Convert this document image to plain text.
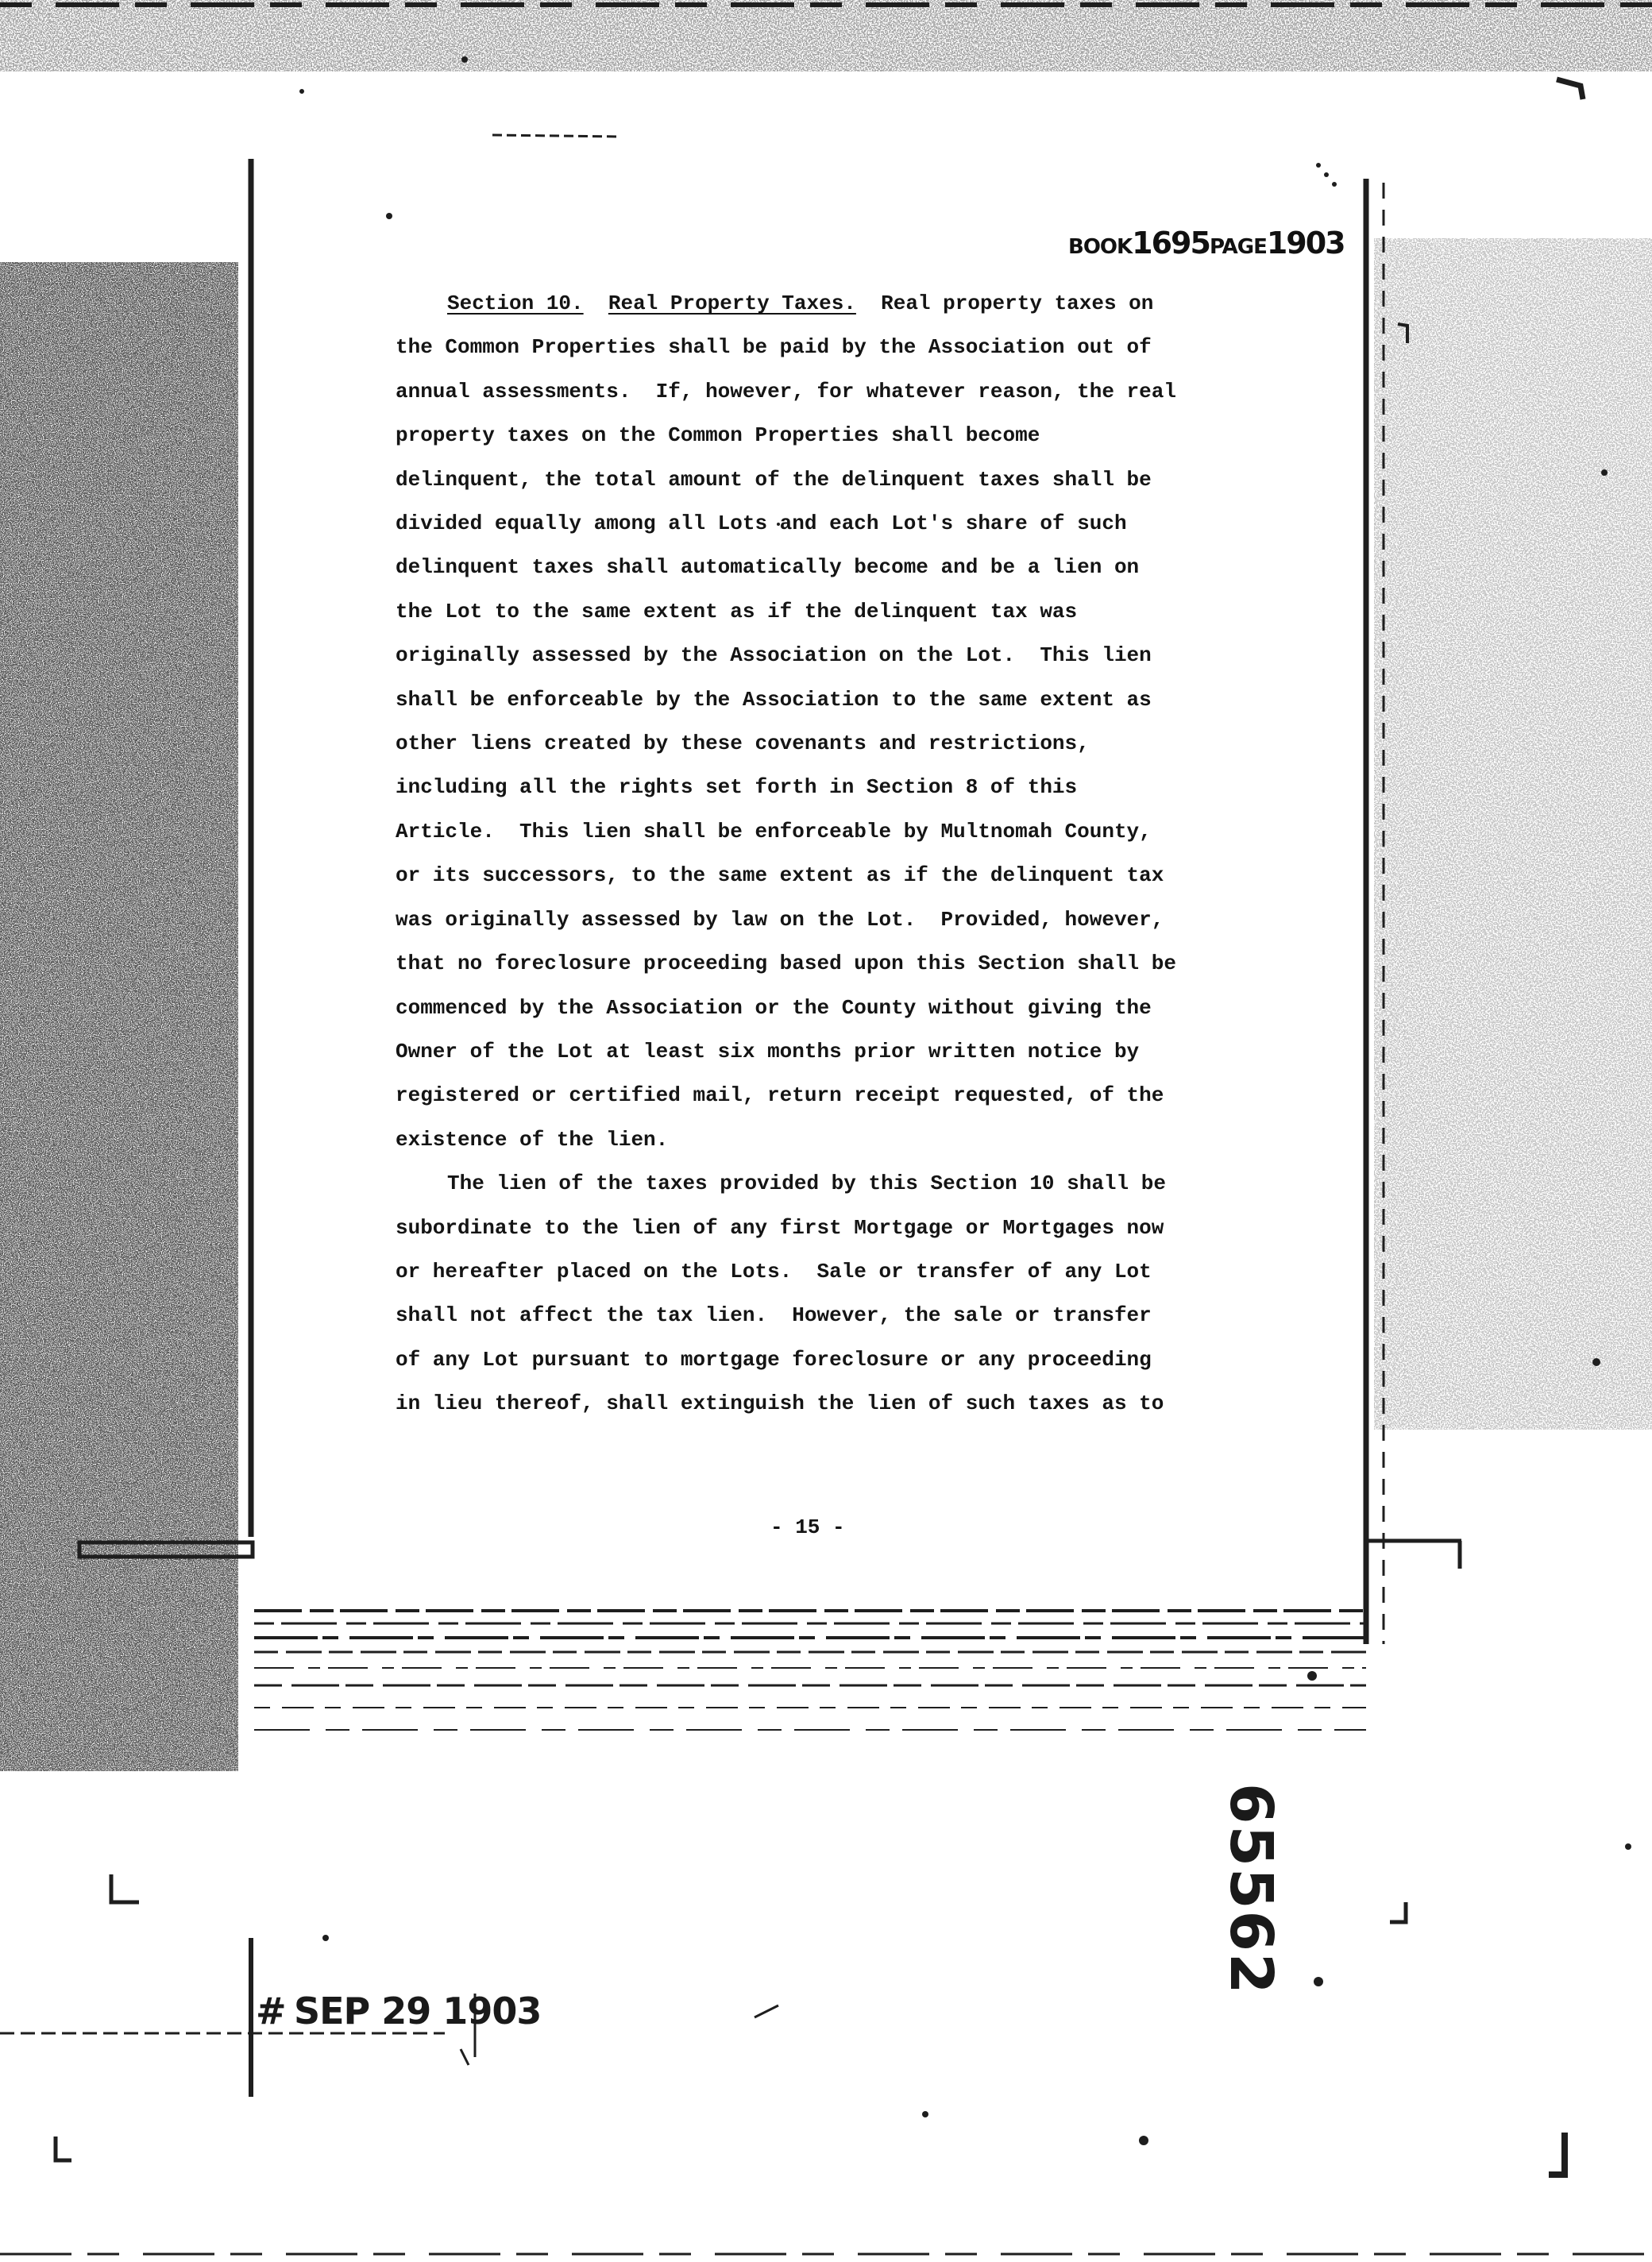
BOOK1695PAGE1903
Section 10. Real Property Taxes.  Real property taxes on
the Common Properties shall be paid by the Association out of
annual assessments.  If, however, for whatever reason, the real
property taxes on the Common Properties shall become
delinquent, the total amount of the delinquent taxes shall be
divided equally among all Lots and each Lot's share of such
delinquent taxes shall automatically become and be a lien on
the Lot to the same extent as if the delinquent tax was
originally assessed by the Association on the Lot.  This lien
shall be enforceable by the Association to the same extent as
other liens created by these covenants and restrictions,
including all the rights set forth in Section 8 of this
Article.  This lien shall be enforceable by Multnomah County,
or its successors, to the same extent as if the delinquent tax
was originally assessed by law on the Lot.  Provided, however,
that no foreclosure proceeding based upon this Section shall be
commenced by the Association or the County without giving the
Owner of the Lot at least six months prior written notice by
registered or certified mail, return receipt requested, of the
existence of the lien.
The lien of the taxes provided by this Section 10 shall be
subordinate to the lien of any first Mortgage or Mortgages now
or hereafter placed on the Lots.  Sale or transfer of any Lot
shall not affect the tax lien.  However, the sale or transfer
of any Lot pursuant to mortgage foreclosure or any proceeding
in lieu thereof, shall extinguish the lien of such taxes as to
- 15 -
65562
# SEP 29 1903
